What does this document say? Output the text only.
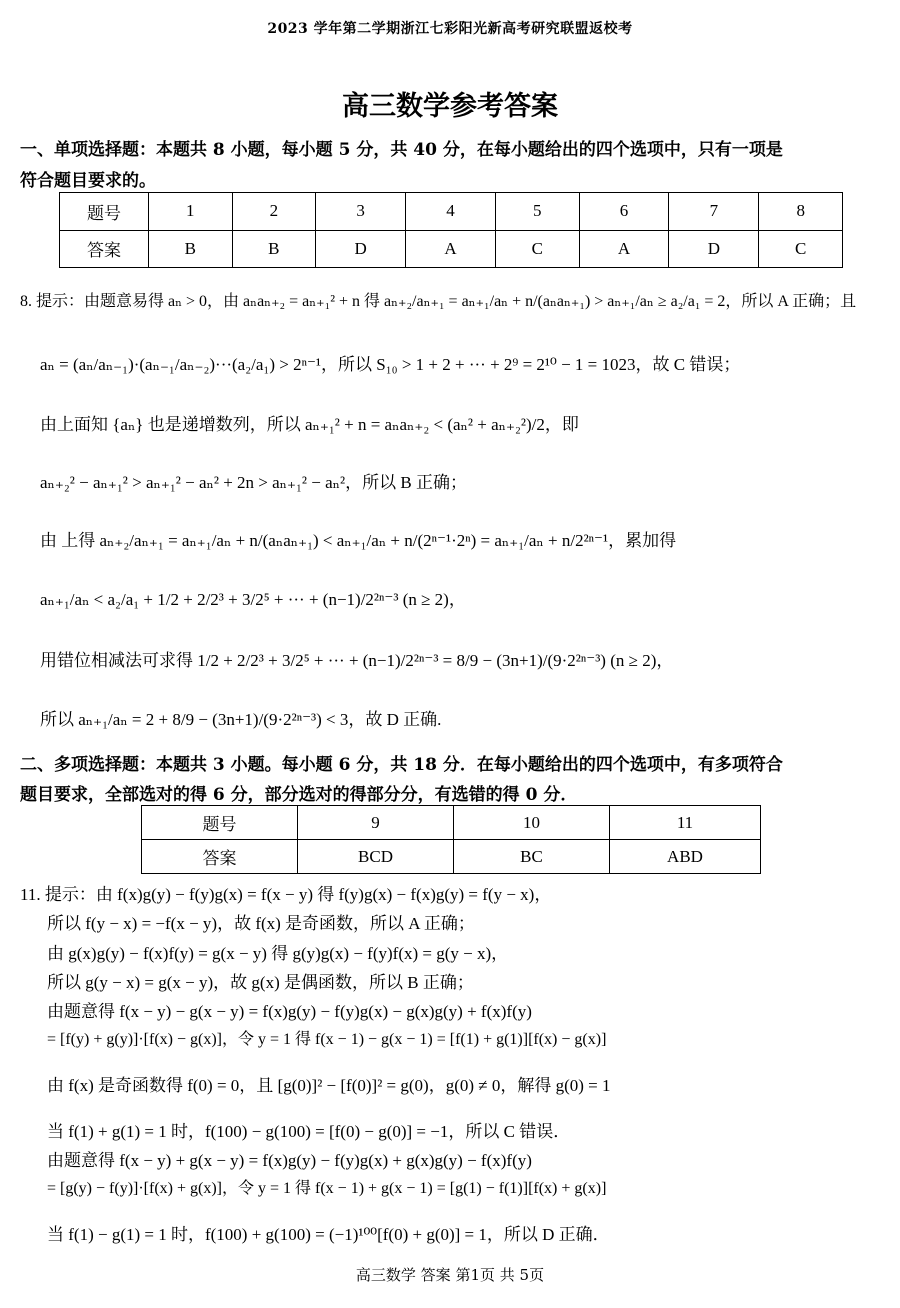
2023 学年第二学期浙江七彩阳光新高考研究联盟返校考
高三数学参考答案
一、单项选择题：本题共 8 小题，每小题 5 分，共 40 分，在每小题给出的四个选项中，只有一项是
符合题目要求的。
题号	1	2	3	4	5	6	7	8
答案	B	B	D	A	C	A	D	C
8. 提示：由题意易得 aₙ > 0，由 aₙaₙ₊₂ = aₙ₊₁² + n 得 aₙ₊₂/aₙ₊₁ = aₙ₊₁/aₙ + n/(aₙaₙ₊₁) > aₙ₊₁/aₙ ≥ a₂/a₁ = 2，所以 A 正确；且
aₙ = (aₙ/aₙ₋₁)·(aₙ₋₁/aₙ₋₂)···(a₂/a₁) > 2ⁿ⁻¹，所以 S₁₀ > 1 + 2 + ··· + 2⁹ = 2¹⁰ − 1 = 1023，故 C 错误；
由上面知 {aₙ} 也是递增数列，所以 aₙ₊₁² + n = aₙaₙ₊₂ < (aₙ² + aₙ₊₂²)/2，即
aₙ₊₂² − aₙ₊₁² > aₙ₊₁² − aₙ² + 2n > aₙ₊₁² − aₙ²，所以 B 正确；
由 上得 aₙ₊₂/aₙ₊₁ = aₙ₊₁/aₙ + n/(aₙaₙ₊₁) < aₙ₊₁/aₙ + n/(2ⁿ⁻¹·2ⁿ) = aₙ₊₁/aₙ + n/2²ⁿ⁻¹，累加得
aₙ₊₁/aₙ < a₂/a₁ + 1/2 + 2/2³ + 3/2⁵ + ··· + (n−1)/2²ⁿ⁻³ (n ≥ 2)，
用错位相减法可求得 1/2 + 2/2³ + 3/2⁵ + ··· + (n−1)/2²ⁿ⁻³ = 8/9 − (3n+1)/(9·2²ⁿ⁻³) (n ≥ 2)，
所以 aₙ₊₁/aₙ = 2 + 8/9 − (3n+1)/(9·2²ⁿ⁻³) < 3，故 D 正确.
二、多项选择题：本题共 3 小题。每小题 6 分，共 18 分．在每小题给出的四个选项中，有多项符合
题目要求，全部选对的得 6 分，部分选对的得部分分，有选错的得 0 分．
题号	9	10	11
答案	BCD	BC	ABD
11. 提示：由 f(x)g(y) − f(y)g(x) = f(x − y) 得 f(y)g(x) − f(x)g(y) = f(y − x)，
所以 f(y − x) = −f(x − y)，故 f(x) 是奇函数，所以 A 正确；
由 g(x)g(y) − f(x)f(y) = g(x − y) 得 g(y)g(x) − f(y)f(x) = g(y − x)，
所以 g(y − x) = g(x − y)，故 g(x) 是偶函数，所以 B 正确；
由题意得 f(x − y) − g(x − y) = f(x)g(y) − f(y)g(x) − g(x)g(y) + f(x)f(y)
= [f(y) + g(y)]·[f(x) − g(x)]，令 y = 1 得 f(x − 1) − g(x − 1) = [f(1) + g(1)][f(x) − g(x)]
由 f(x) 是奇函数得 f(0) = 0，且 [g(0)]² − [f(0)]² = g(0)，g(0) ≠ 0，解得 g(0) = 1
当 f(1) + g(1) = 1 时，f(100) − g(100) = [f(0) − g(0)] = −1，所以 C 错误．
由题意得 f(x − y) + g(x − y) = f(x)g(y) − f(y)g(x) + g(x)g(y) − f(x)f(y)
= [g(y) − f(y)]·[f(x) + g(x)]，令 y = 1 得 f(x − 1) + g(x − 1) = [g(1) − f(1)][f(x) + g(x)]
当 f(1) − g(1) = 1 时，f(100) + g(100) = (−1)¹⁰⁰[f(0) + g(0)] = 1，所以 D 正确．
高三数学 答案 第1页 共 5页
